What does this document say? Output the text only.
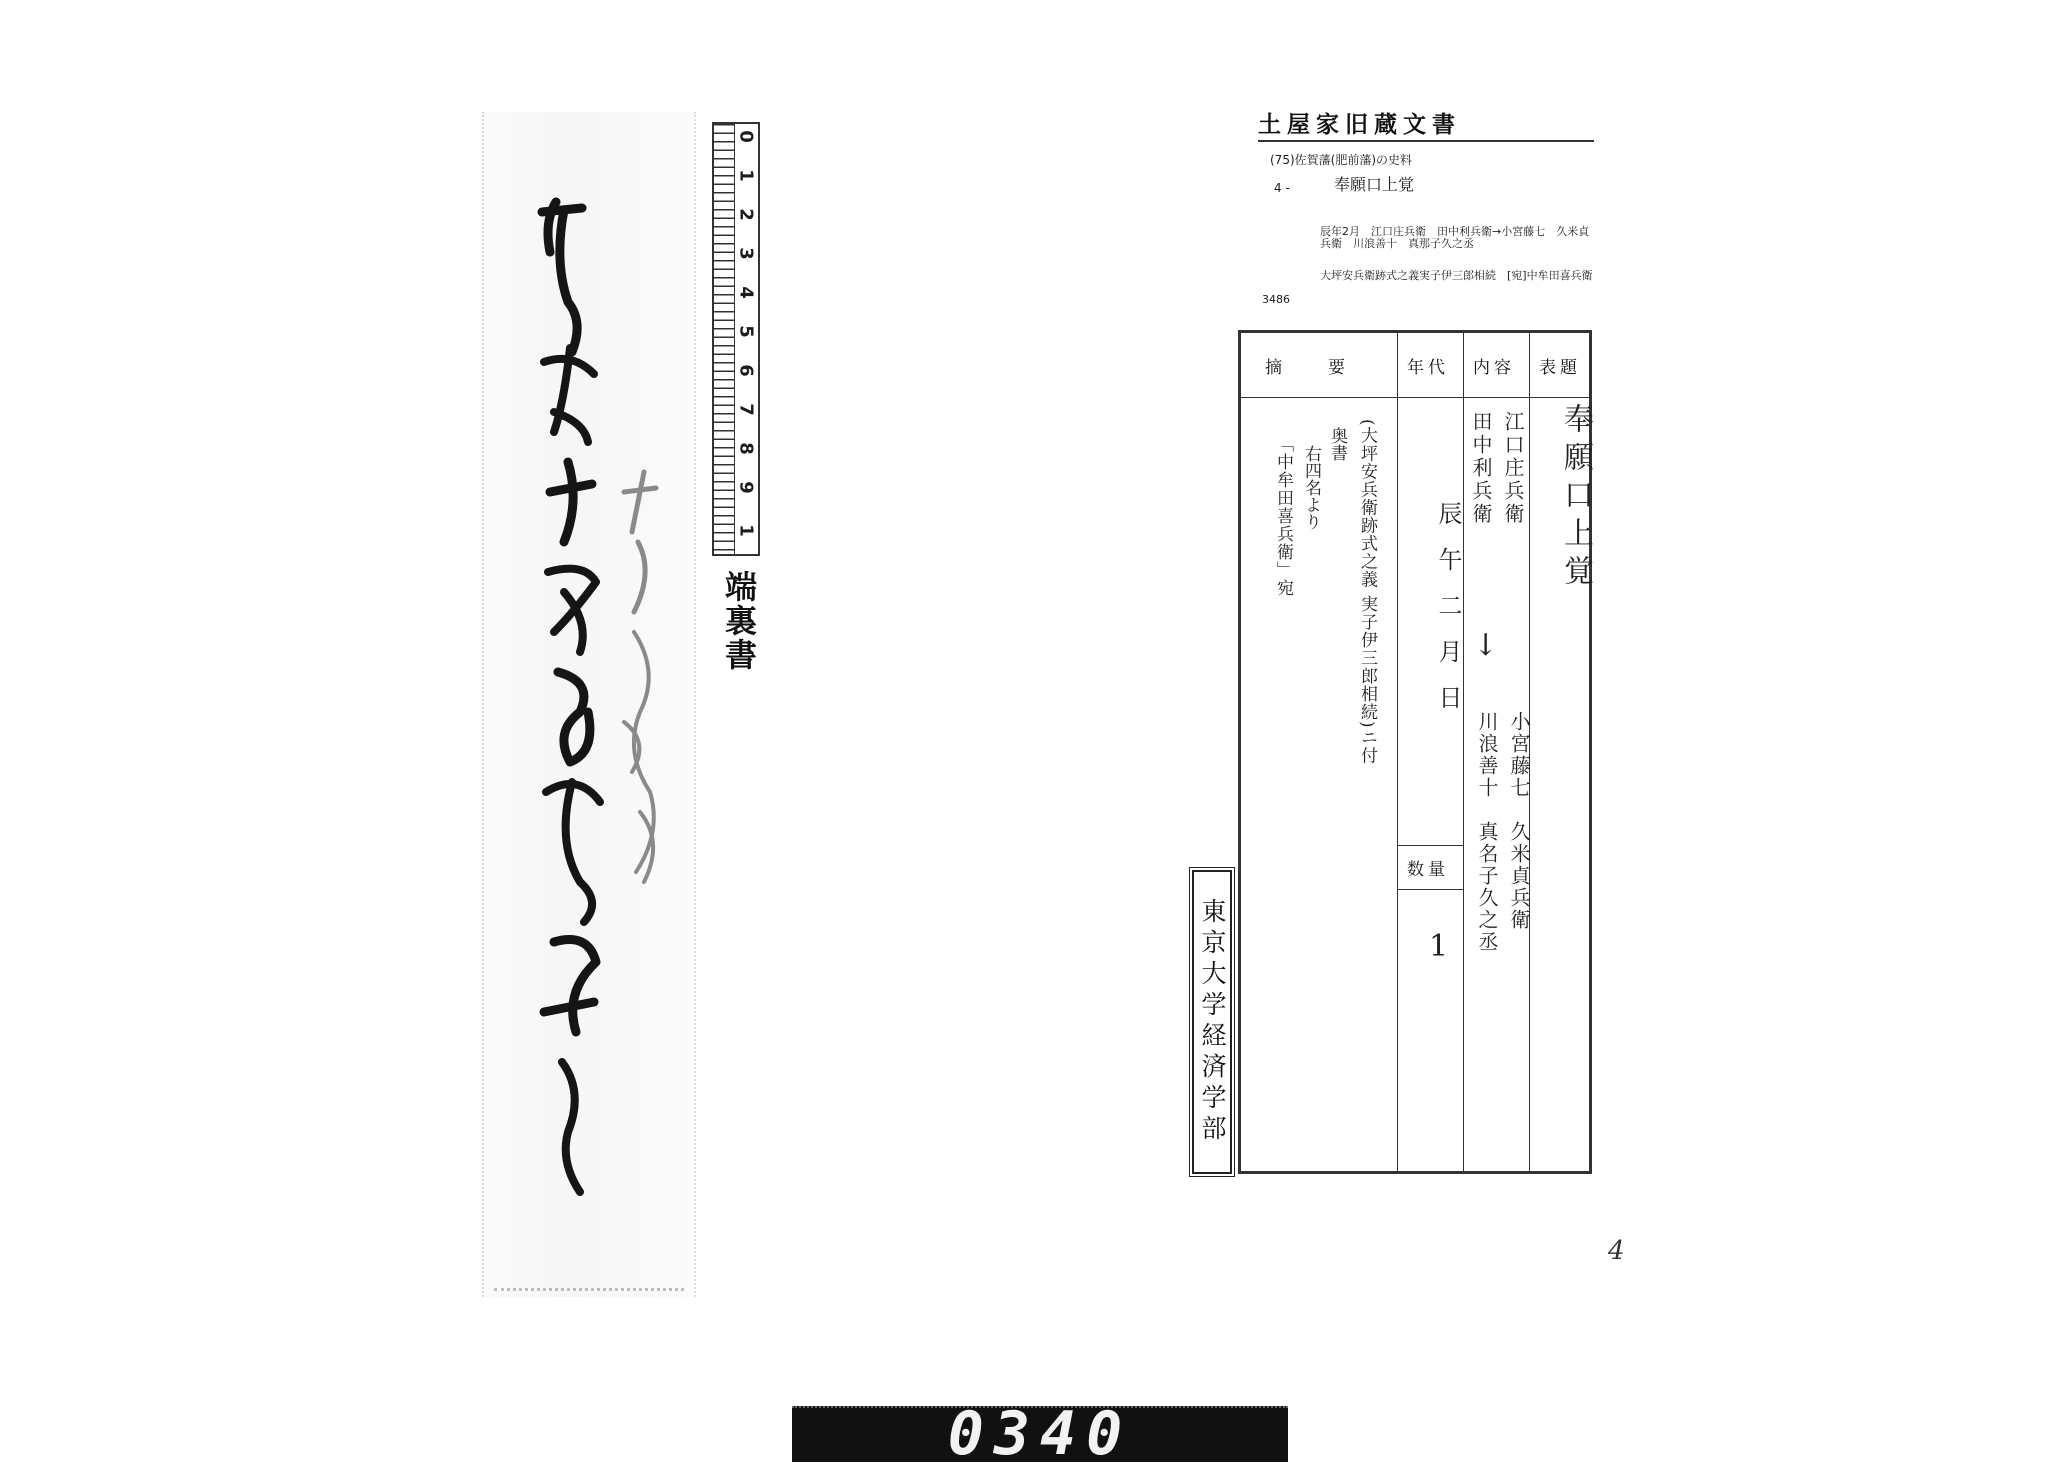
0
1
2
3
4
5
6
7
8
9
1
端裏書
土屋家旧蔵文書
(75)佐賀藩(肥前藩)の史料
4 -	奉願口上覚
辰年2月　江口庄兵衛　田中利兵衛→小宮藤七　久米貞兵衛　川浪善十　真那子久之丞
大坪安兵衛跡式之義実子伊三郎相続　[宛]中牟田喜兵衛
3486
表題
内容
年代
摘　　要
奉願口上覚
江口庄兵衛
田中利兵衛
↓
小宮藤七
久米貞兵衛
川浪善十
真名子久之丞
辰午二月日
数量
1
(大坪安兵衛跡式之義 実子伊三郎相続)ニ付
奥書
右四名より
「中牟田喜兵衛」宛
東京大学経済学部
4
0340
